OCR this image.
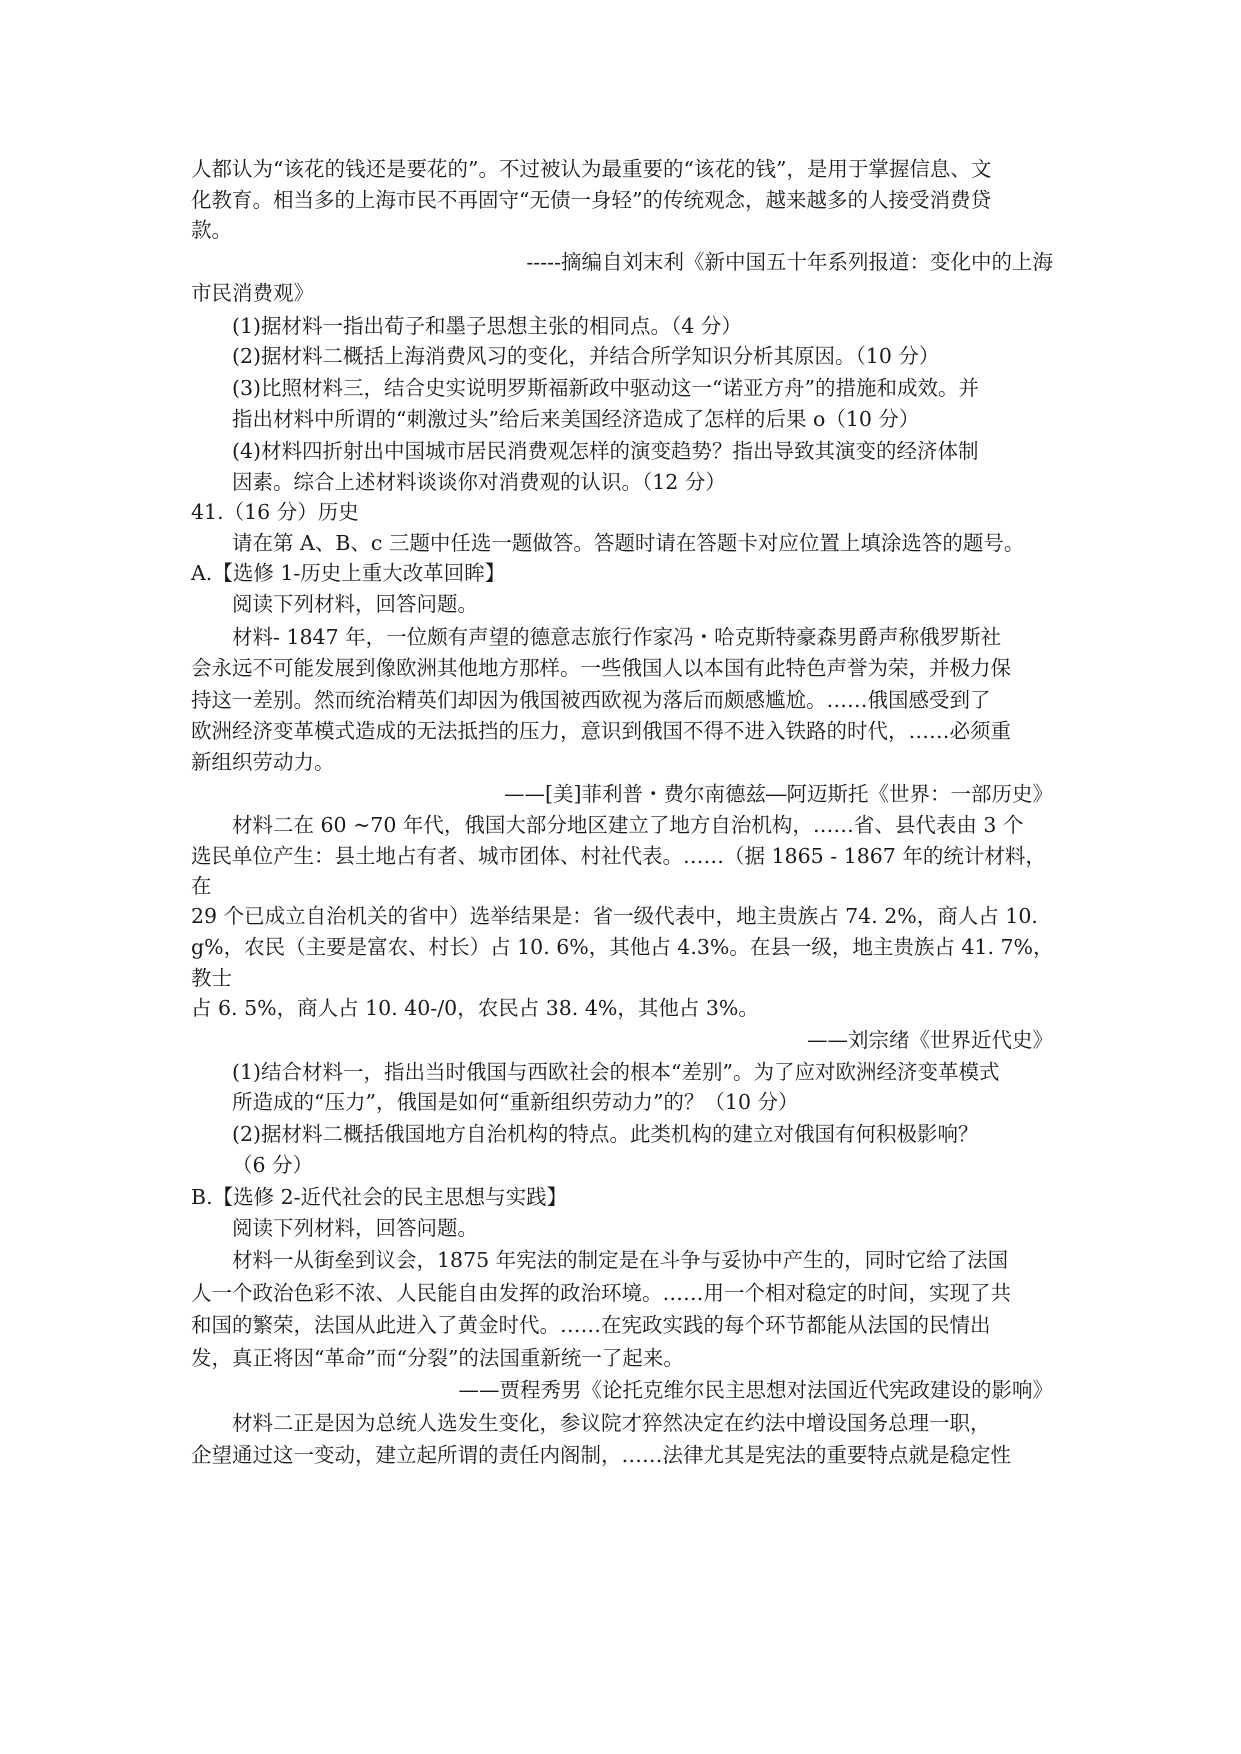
人都认为“该花的钱还是要花的”。不过被认为最重要的“该花的钱”，是用于掌握信息、文
化教育。相当多的上海市民不再固守“无债一身轻”的传统观念，越来越多的人接受消费贷
款。
-----摘编自刘末利《新中国五十年系列报道：变化中的上海
市民消费观》
(1)据材料一指出荀子和墨子思想主张的相同点。（4 分）
(2)据材料二概括上海消费风习的变化，并结合所学知识分析其原因。（10 分）
(3)比照材料三，结合史实说明罗斯福新政中驱动这一“诺亚方舟”的措施和成效。并
指出材料中所谓的“刺激过头”给后来美国经济造成了怎样的后果 o（10 分）
(4)材料四折射出中国城市居民消费观怎样的演变趋势？指出导致其演变的经济体制
因素。综合上述材料谈谈你对消费观的认识。（12 分）
41.（16 分）历史
请在第 A、B、c 三题中任选一题做答。答题时请在答题卡对应位置上填涂选答的题号。
A.【选修 1-历史上重大改革回眸】
阅读下列材料，回答问题。
材料- 1847 年，一位颇有声望的德意志旅行作家冯・哈克斯特豪森男爵声称俄罗斯社
会永远不可能发展到像欧洲其他地方那样。一些俄国人以本国有此特色声誉为荣，并极力保
持这一差别。然而统治精英们却因为俄国被西欧视为落后而颇感尴尬。……俄国感受到了
欧洲经济变革模式造成的无法抵挡的压力，意识到俄国不得不进入铁路的时代，……必须重
新组织劳动力。
——[美]菲利普・费尔南德兹―阿迈斯托《世界：一部历史》
材料二在 60 ~70 年代，俄国大部分地区建立了地方自治机构，……省、县代表由 3 个
选民单位产生：县土地占有者、城市团体、村社代表。……（据 1865 - 1867 年的统计材料，
在
29 个已成立自治机关的省中）选举结果是：省一级代表中，地主贵族占 74. 2%，商人占 10.
g%，农民（主要是富农、村长）占 10. 6%，其他占 4.3%。在县一级，地主贵族占 41. 7%，
教士
占 6. 5%，商人占 10. 40-/0，农民占 38. 4%，其他占 3%。
——刘宗绪《世界近代史》
(1)结合材料一，指出当时俄国与西欧社会的根本“差别”。为了应对欧洲经济变革模式
所造成的“压力”，俄国是如何“重新组织劳动力”的？（10 分）
(2)据材料二概括俄国地方自治机构的特点。此类机构的建立对俄国有何积极影响？
（6 分）
B.【选修 2-近代社会的民主思想与实践】
阅读下列材料，回答问题。
材料一从街垒到议会，1875 年宪法的制定是在斗争与妥协中产生的，同时它给了法国
人一个政治色彩不浓、人民能自由发挥的政治环境。……用一个相对稳定的时间，实现了共
和国的繁荣，法国从此进入了黄金时代。……在宪政实践的每个环节都能从法国的民情出
发，真正将因“革命”而“分裂”的法国重新统一了起来。
——贾程秀男《论托克维尔民主思想对法国近代宪政建设的影响》
材料二正是因为总统人选发生变化，参议院才猝然决定在约法中增设国务总理一职，
企望通过这一变动，建立起所谓的责任内阁制，……法律尤其是宪法的重要特点就是稳定性
